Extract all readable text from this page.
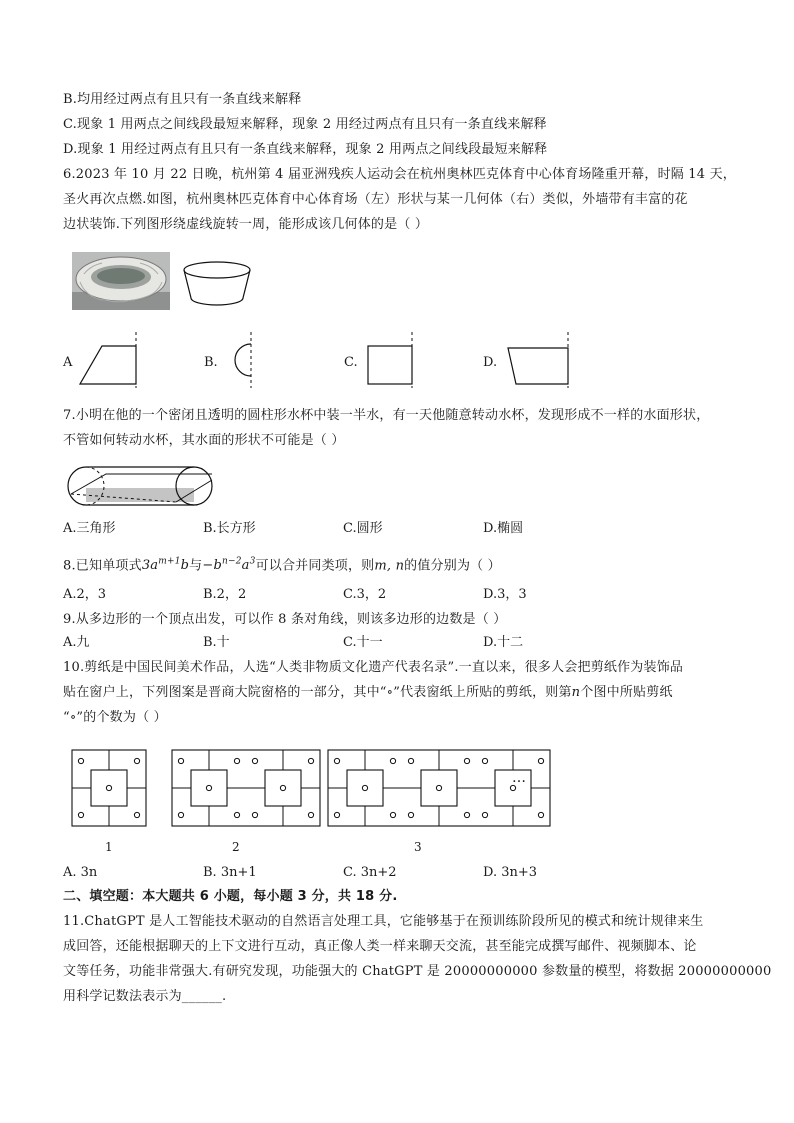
B.均用经过两点有且只有一条直线来解释
C.现象 1 用两点之间线段最短来解释，现象 2 用经过两点有且只有一条直线来解释
D.现象 1 用经过两点有且只有一条直线来解释，现象 2 用两点之间线段最短来解释
6.2023 年 10 月 22 日晚，杭州第 4 届亚洲残疾人运动会在杭州奥林匹克体育中心体育场隆重开幕，时隔 14 天，
圣火再次点燃.如图，杭州奥林匹克体育中心体育场（左）形状与某一几何体（右）类似，外墙带有丰富的花
边状装饰.下列图形绕虚线旋转一周，能形成该几何体的是（ ）
A	B.	C.	D.
7.小明在他的一个密闭且透明的圆柱形水杯中装一半水，有一天他随意转动水杯，发现形成不一样的水面形状，
不管如何转动水杯，其水面的形状不可能是（ ）
A.三角形	B.长方形	C.圆形	D.椭圆
8.已知单项式$3a^{m+1}b$与$-b^{n-2}a^3$可以合并同类项，则m, n的值分别为（ ）
A.2，3	B.2，2	C.3，2	D.3，3
9.从多边形的一个顶点出发，可以作 8 条对角线，则该多边形的边数是（ ）
A.九	B.十	C.十一	D.十二
10.剪纸是中国民间美术作品，人选“人类非物质文化遗产代表名录”.一直以来，很多人会把剪纸作为装饰品
贴在窗户上，下列图案是晋商大院窗格的一部分，其中“∘”代表窗纸上所贴的剪纸，则第n个图中所贴剪纸
“∘”的个数为（ ）
1	2	3
…
A. 3n	B. 3n+1	C. 3n+2	D. 3n+3
二、填空题：本大题共 6 小题，每小题 3 分，共 18 分.
11.ChatGPT 是人工智能技术驱动的自然语言处理工具，它能够基于在预训练阶段所见的模式和统计规律来生
成回答，还能根据聊天的上下文进行互动，真正像人类一样来聊天交流，甚至能完成撰写邮件、视频脚本、论
文等任务，功能非常强大.有研究发现，功能强大的 ChatGPT 是 20000000000 参数量的模型，将数据 20000000000
用科学记数法表示为______.
